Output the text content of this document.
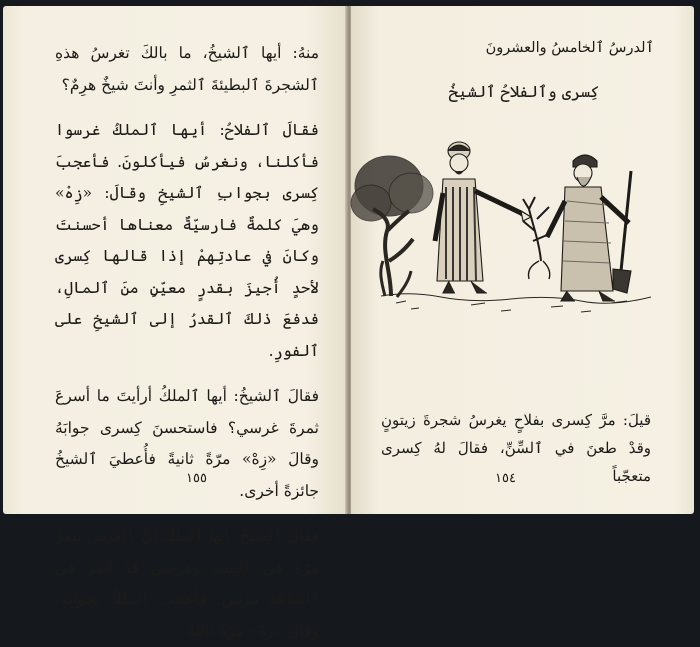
منهُ: أيها ٱلشيخُ، ما بالكَ تغرسُ هذهِ ٱلشجرةَ ٱلبطيئةَ ٱلثمرِ وأنتَ شيخٌ هرِمٌ؟

فقالَ ٱلفلاحُ: أيها ٱلملكُ غرسوا فأكلنا، ونغرسُ فيأكلونَ. فأعجبَ كِسرى بجوابِ ٱلشيخِ وقالَ: «زِهْ» وهيَ كلمةٌ فارسيّةٌ معناها أحسنتَ وكانَ في عادتِهمْ إذا قالها كِسرى لأحدٍ أُجيزَ بقدرٍ معيّنٍ منَ ٱلمالِ، فدفعَ ذلكَ ٱلقدرُ إلى ٱلشيخِ على ٱلفورِ.

فقالَ ٱلشيخُ: أيها ٱلملكُ أرأيتَ ما أسرعَ ثمرةَ غرسي؟ فاستحسنَ كِسرى جوابَهُ وقالَ «زِهْ» مرّةً ثانيةً فأُعطيَ ٱلشيخُ جائزةً أخرى.

فقالَ ٱلشيخُ: أيها ٱلملكُ إنَّ ٱلغرسَ يُثمرُ مرّةً في ٱلسنةِ وغرسي قدْ أثمرَ في ٱلساعةِ مرّتينِ. فأعجبَ ٱلملكُ بجوابِهِ، وقالَ «زِهْ» مرّةً ثالثةً

١٥٥
ٱلدرسُ ٱلخامسُ والعشرونَ
كِسرى وٱلفلاحُ ٱلشيخُ
قيلَ: مرَّ كِسرى بفلاحٍ يغرسُ شجرةَ زيتونٍ وقدْ طعنَ في ٱلسِّنِّ، فقالَ لهُ كِسرى متعجّباً
١٥٤
